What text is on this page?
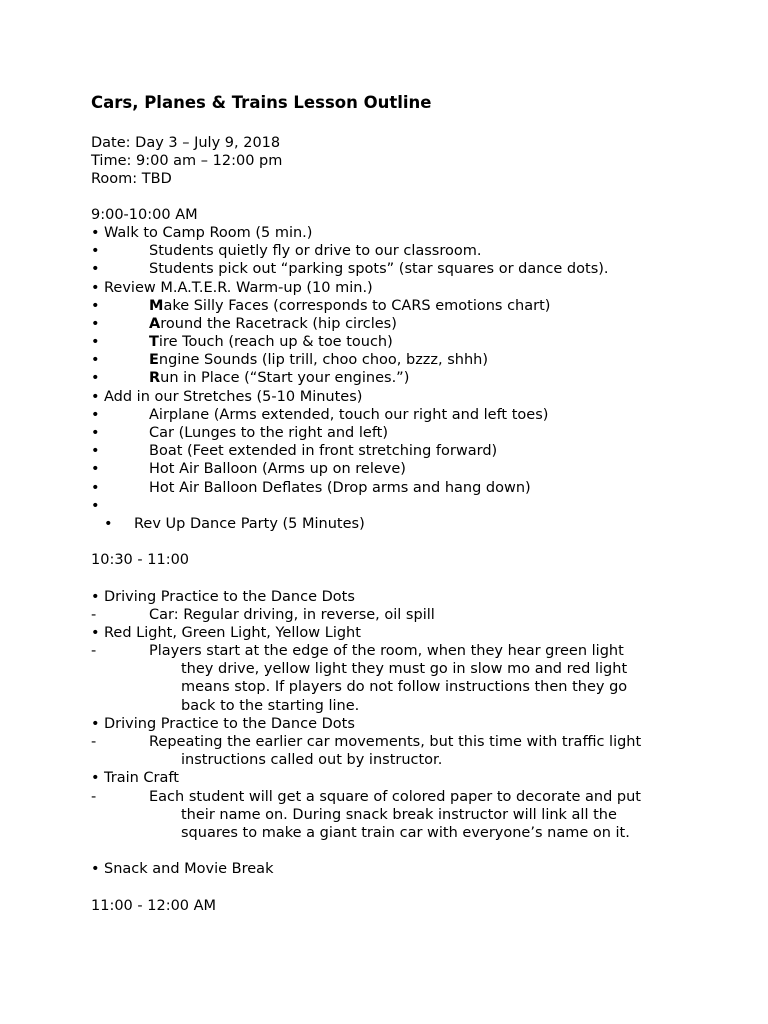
Cars, Planes & Trains Lesson Outline
Date: Day 3 – July 9, 2018
Time: 9:00 am – 12:00 pm
Room: TBD
9:00-10:00 AM
• Walk to Camp Room (5 min.)
•	Students quietly fly or drive to our classroom.
•	Students pick out “parking spots” (star squares or dance dots).
• Review M.A.T.E.R. Warm-up (10 min.)
•	Make Silly Faces (corresponds to CARS emotions chart)
•	Around the Racetrack (hip circles)
•	Tire Touch (reach up & toe touch)
•	Engine Sounds (lip trill, choo choo, bzzz, shhh)
•	Run in Place (“Start your engines.”)
• Add in our Stretches (5-10 Minutes)
•	Airplane (Arms extended, touch our right and left toes)
•	Car (Lunges to the right and left)
•	Boat (Feet extended in front stretching forward)
•	Hot Air Balloon (Arms up on releve)
•	Hot Air Balloon Deflates (Drop arms and hang down)
•
• Rev Up Dance Party (5 Minutes)
10:30 - 11:00
• Driving Practice to the Dance Dots
-	Car: Regular driving, in reverse, oil spill
• Red Light, Green Light, Yellow Light
-	Players start at the edge of the room, when they hear green light
they drive, yellow light they must go in slow mo and red light
means stop. If players do not follow instructions then they go
back to the starting line.
• Driving Practice to the Dance Dots
-	Repeating the earlier car movements, but this time with traffic light
instructions called out by instructor.
• Train Craft
-	Each student will get a square of colored paper to decorate and put
their name on. During snack break instructor will link all the
squares to make a giant train car with everyone’s name on it.
• Snack and Movie Break
11:00 - 12:00 AM
